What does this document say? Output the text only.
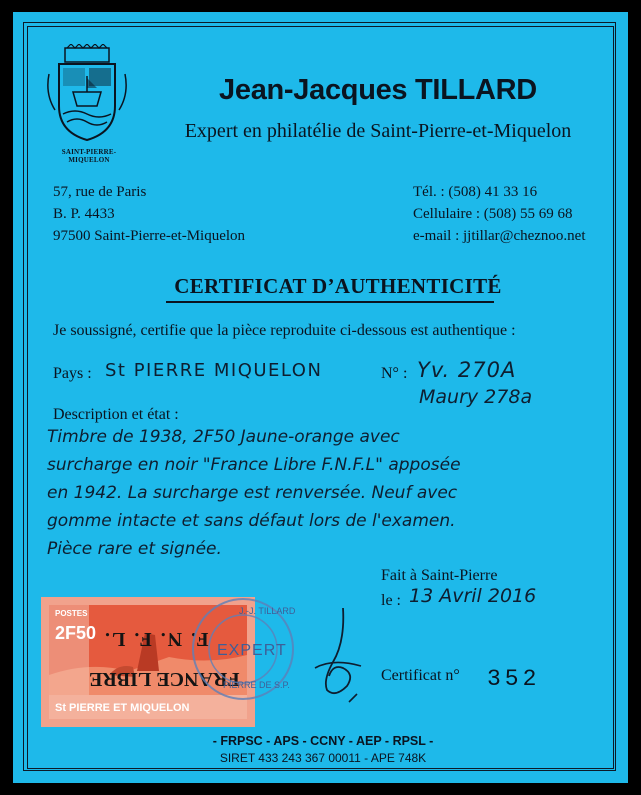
SAINT-PIERRE-MIQUELON
Jean-Jacques TILLARD
Expert en philatélie de Saint-Pierre-et-Miquelon
57, rue de Paris
B. P. 4433
97500 Saint-Pierre-et-Miquelon
Tél. : (508) 41 33 16
Cellulaire : (508) 55 69 68
e-mail : jjtillar@cheznoo.net
CERTIFICAT D’AUTHENTICITÉ
Je soussigné, certifie que la pièce reproduite ci-dessous est authentique :
Pays : St PIERRE MIQUELON	N° : Yv. 270A
Maury 278a
Description et état :
Timbre de 1938, 2F50 Jaune-orange avec
surcharge en noir "France Libre F.N.F.L" apposée
en 1942. La surcharge est renversée. Neuf avec
gomme intacte et sans défaut lors de l'examen.
Pièce rare et signée.
Fait à Saint-Pierre
le : 13 Avril 2016
POSTES
2F50 F. N. F. L.
FRANCE LIBRE
St PIERRE ET MIQUELON
J.-J. TILLARD
EXPERT
PIERRE DE S.P.
Certificat n° 352
- FRPSC - APS - CCNY - AEP - RPSL -
SIRET 433 243 367 00011 - APE 748K
